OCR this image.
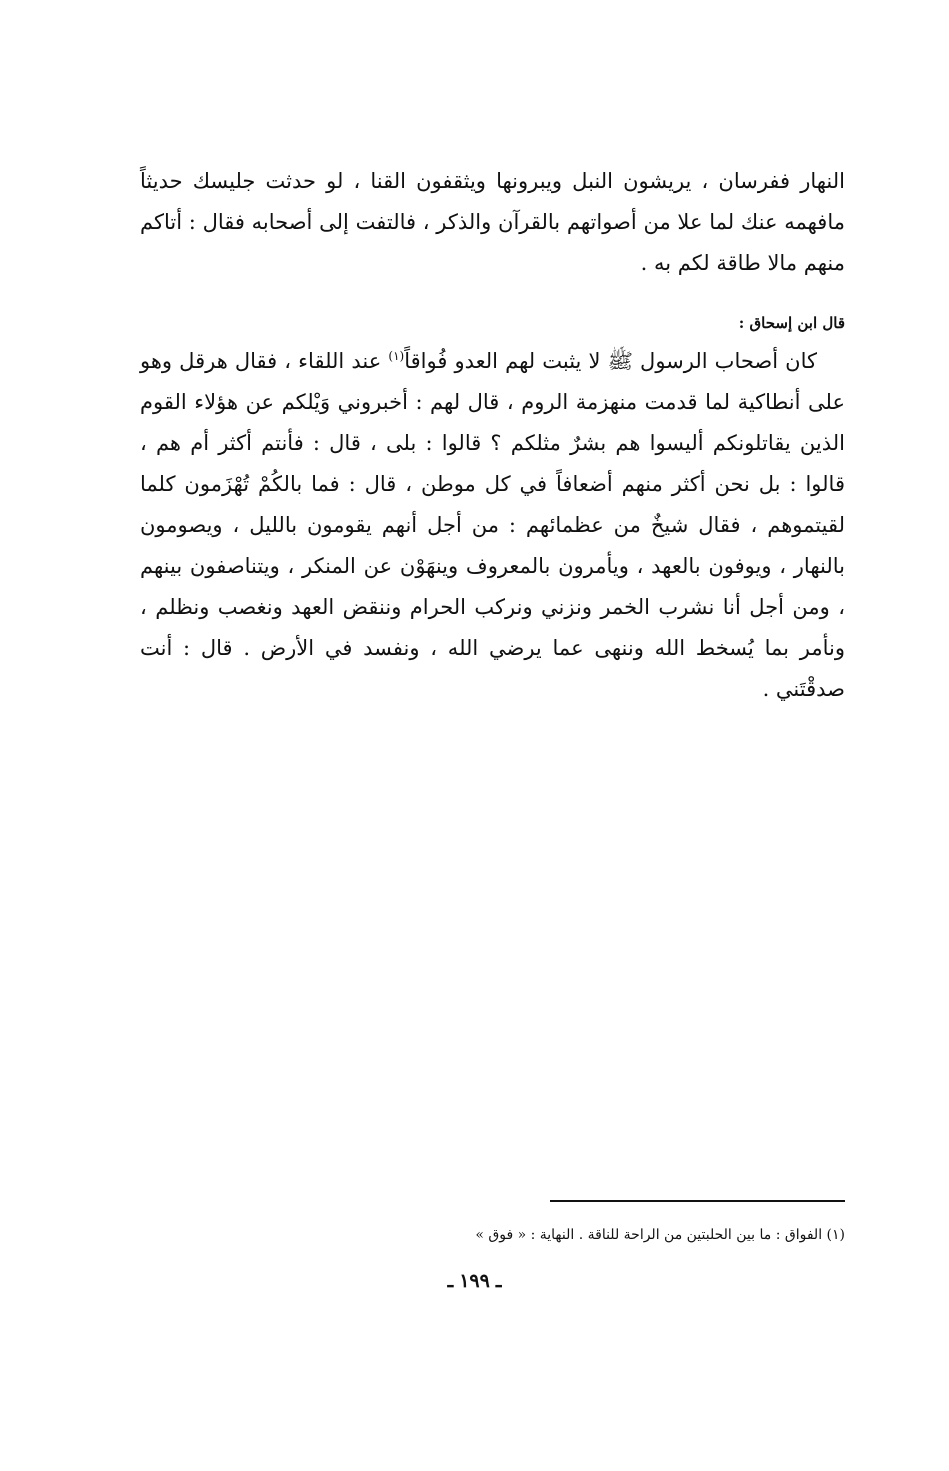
النهار ففرسان ، يريشون النبل ويبرونها ويثقفون القنا ، لو حدثت جليسك حديثاً مافهمه عنك لما علا من أصواتهم بالقرآن والذكر ، فالتفت إلى أصحابه فقال : أتاكم منهم مالا طاقة لكم به .

قال ابن إسحاق :

كان أصحاب الرسول ﷺ لا يثبت لهم العدو فُواقاً$^{(١)}$ عند اللقاء ، فقال هرقل وهو على أنطاكية لما قدمت منهزمة الروم ، قال لهم : أخبروني وَيْلكم عن هؤلاء القوم الذين يقاتلونكم أليسوا هم بشرٌ مثلكم ؟ قالوا : بلى ، قال : فأنتم أكثر أم هم ، قالوا : بل نحن أكثر منهم أضعافاً في كل موطن ، قال : فما بالكُمْ تُهْزَمون كلما لقيتموهم ، فقال شيخٌ من عظمائهم : من أجل أنهم يقومون بالليل ، ويصومون بالنهار ، ويوفون بالعهد ، ويأمرون بالمعروف وينهَوْن عن المنكر ، ويتناصفون بينهم ، ومن أجل أنا نشرب الخمر ونزني ونركب الحرام وننقض العهد ونغصب ونظلم ، ونأمر بما يُسخط الله وننهى عما يرضي الله ، ونفسد في الأرض . قال : أنت صدقْتَني .

(١) الفواق : ما بين الحلبتين من الراحة للناقة . النهاية : « فوق »

ـ١٩٩ـ
